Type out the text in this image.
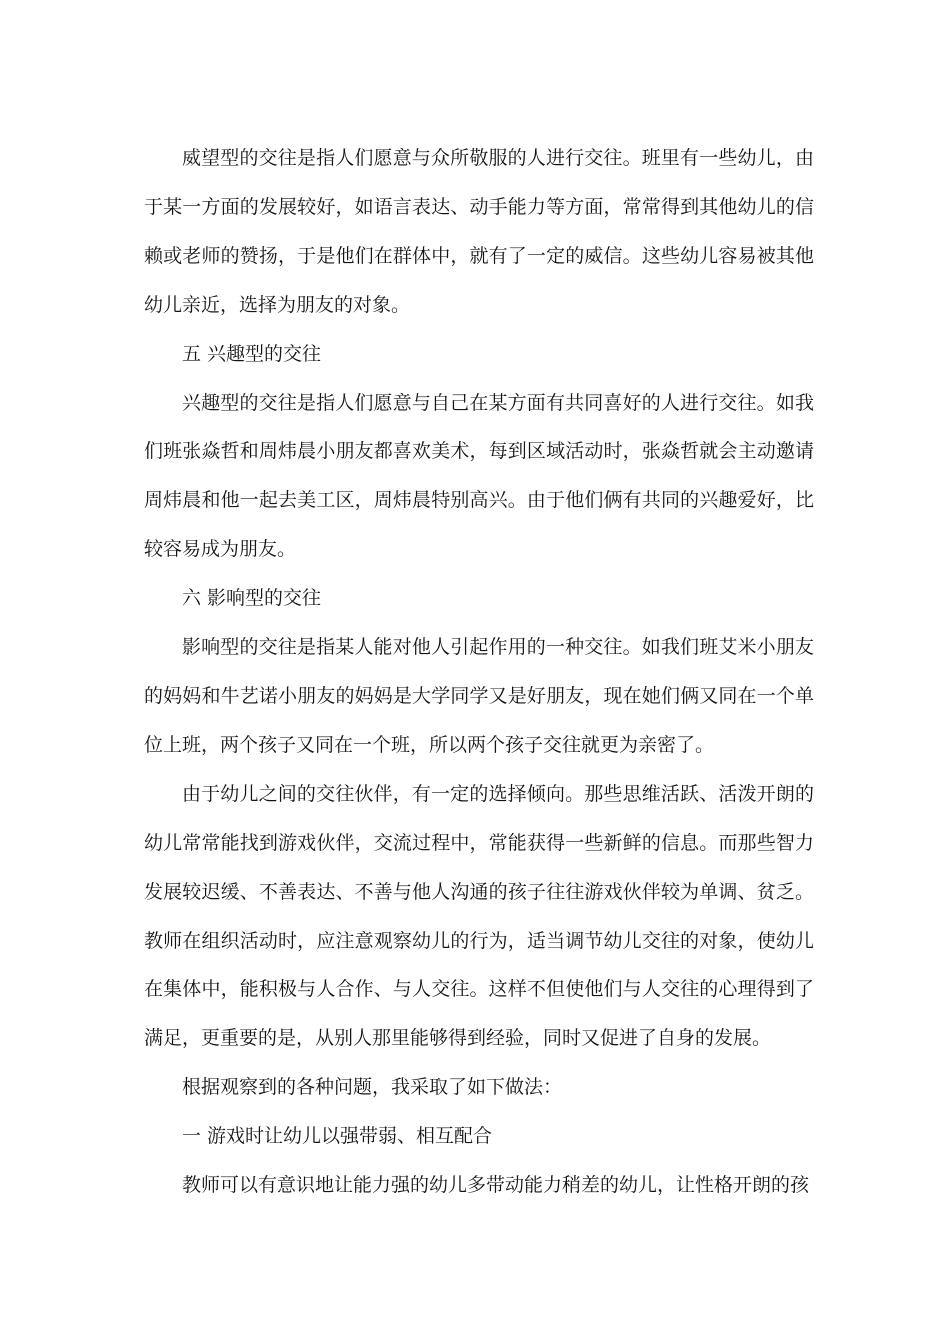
威望型的交往是指人们愿意与众所敬服的人进行交往。班里有一些幼儿，由于某一方面的发展较好，如语言表达、动手能力等方面，常常得到其他幼儿的信赖或老师的赞扬，于是他们在群体中，就有了一定的威信。这些幼儿容易被其他幼儿亲近，选择为朋友的对象。

五 兴趣型的交往

兴趣型的交往是指人们愿意与自己在某方面有共同喜好的人进行交往。如我们班张焱哲和周炜晨小朋友都喜欢美术，每到区域活动时，张焱哲就会主动邀请周炜晨和他一起去美工区，周炜晨特别高兴。由于他们俩有共同的兴趣爱好，比较容易成为朋友。

六 影响型的交往

影响型的交往是指某人能对他人引起作用的一种交往。如我们班艾米小朋友的妈妈和牛艺诺小朋友的妈妈是大学同学又是好朋友，现在她们俩又同在一个单位上班，两个孩子又同在一个班，所以两个孩子交往就更为亲密了。

由于幼儿之间的交往伙伴，有一定的选择倾向。那些思维活跃、活泼开朗的幼儿常常能找到游戏伙伴，交流过程中，常能获得一些新鲜的信息。而那些智力发展较迟缓、不善表达、不善与他人沟通的孩子往往游戏伙伴较为单调、贫乏。教师在组织活动时，应注意观察幼儿的行为，适当调节幼儿交往的对象，使幼儿在集体中，能积极与人合作、与人交往。这样不但使他们与人交往的心理得到了满足，更重要的是，从别人那里能够得到经验，同时又促进了自身的发展。

根据观察到的各种问题，我采取了如下做法：

一 游戏时让幼儿以强带弱、相互配合

教师可以有意识地让能力强的幼儿多带动能力稍差的幼儿，让性格开朗的孩
